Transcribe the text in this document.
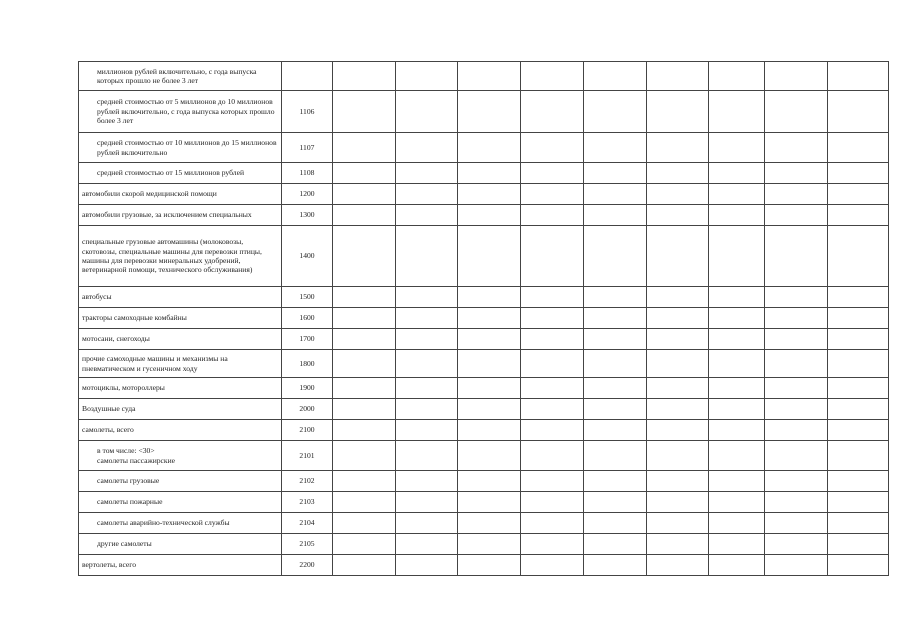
миллионов рублей включительно, с года выпуска которых прошло не более 3 лет										
средней стоимостью от 5 миллионов до 10 миллионов рублей включительно, с года выпуска которых прошло более 3 лет	1106									
средней стоимостью от 10 миллионов до 15 миллионов рублей включительно	1107									
средней стоимостью от 15 миллионов рублей	1108									
автомобили скорой медицинской помощи	1200									
автомобили грузовые, за исключением специальных	1300									
специальные грузовые автомашины (молоковозы, скотовозы, специальные машины для перевозки птицы, машины для перевозки минеральных удобрений, ветеринарной помощи, технического обслуживания)	1400									
автобусы	1500									
тракторы самоходные комбайны	1600									
мотосани, снегоходы	1700									
прочие самоходные машины и механизмы на пневматическом и гусеничном ходу	1800									
мотоциклы, мотороллеры	1900									
Воздушные суда	2000									
самолеты, всего	2100									
в том числе: <30>
самолеты пассажирские	2101									
самолеты грузовые	2102									
самолеты пожарные	2103									
самолеты аварийно-технической службы	2104									
другие самолеты	2105									
вертолеты, всего	2200									
